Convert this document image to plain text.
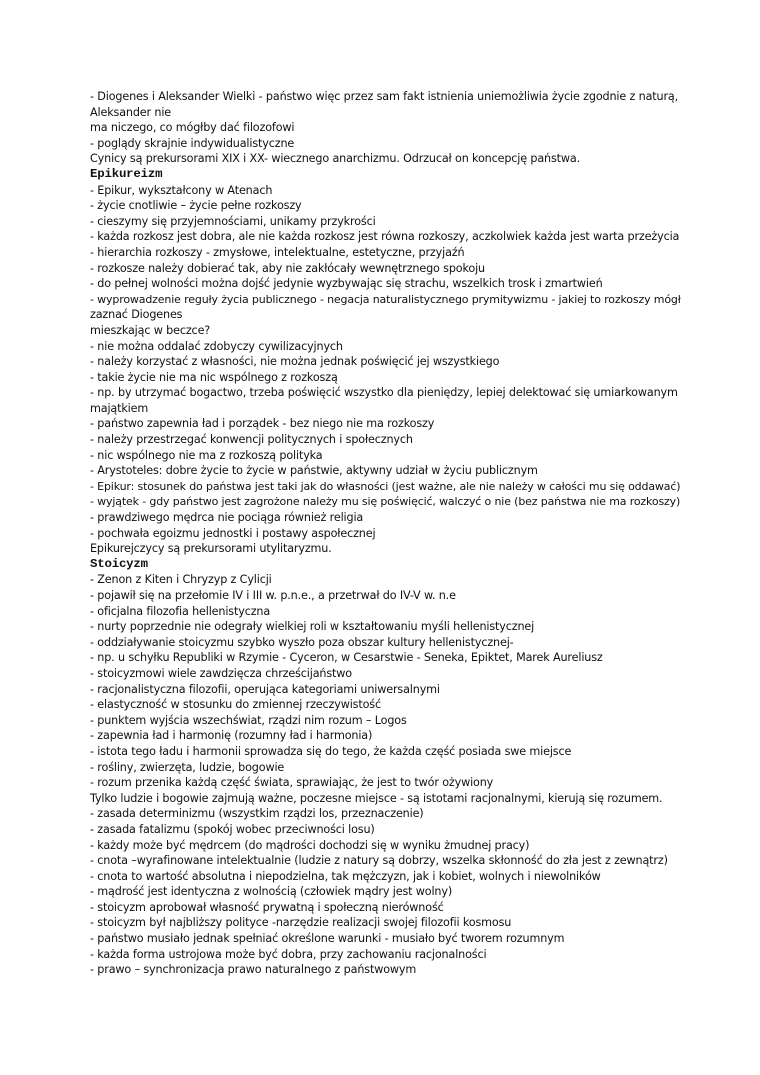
- Diogenes i Aleksander Wielki - państwo więc przez sam fakt istnienia uniemożliwia życie zgodnie z naturą,
Aleksander nie
ma niczego, co mógłby dać filozofowi
- poglądy skrajnie indywidualistyczne
Cynicy są prekursorami XIX i XX- wiecznego anarchizmu. Odrzucał on koncepcję państwa.
Epikureizm
- Epikur, wykształcony w Atenach
- życie cnotliwie – życie pełne rozkoszy
- cieszymy się przyjemnościami, unikamy przykrości
- każda rozkosz jest dobra, ale nie każda rozkosz jest równa rozkoszy, aczkolwiek każda jest warta przeżycia
- hierarchia rozkoszy - zmysłowe, intelektualne, estetyczne, przyjaźń
- rozkosze należy dobierać tak, aby nie zakłócały wewnętrznego spokoju
- do pełnej wolności można dojść jedynie wyzbywając się strachu, wszelkich trosk i zmartwień
- wyprowadzenie reguły życia publicznego - negacja naturalistycznego prymitywizmu - jakiej to rozkoszy mógł
zaznać Diogenes
mieszkając w beczce?
- nie można oddalać zdobyczy cywilizacyjnych
- należy korzystać z własności, nie można jednak poświęcić jej wszystkiego
- takie życie nie ma nic wspólnego z rozkoszą
- np. by utrzymać bogactwo, trzeba poświęcić wszystko dla pieniędzy, lepiej delektować się umiarkowanym
majątkiem
- państwo zapewnia ład i porządek - bez niego nie ma rozkoszy
- należy przestrzegać konwencji politycznych i społecznych
- nic wspólnego nie ma z rozkoszą polityka
- Arystoteles: dobre życie to życie w państwie, aktywny udział w życiu publicznym
- Epikur: stosunek do państwa jest taki jak do własności (jest ważne, ale nie należy w całości mu się oddawać)
- wyjątek - gdy państwo jest zagrożone należy mu się poświęcić, walczyć o nie (bez państwa nie ma rozkoszy)
- prawdziwego mędrca nie pociąga również religia
- pochwała egoizmu jednostki i postawy aspołecznej
Epikurejczycy są prekursorami utylitaryzmu.
Stoicyzm
- Zenon z Kiten i Chryzyp z Cylicji
- pojawił się na przełomie IV i III w. p.n.e., a przetrwał do IV-V w. n.e
- oficjalna filozofia hellenistyczna
- nurty poprzednie nie odegrały wielkiej roli w kształtowaniu myśli hellenistycznej
- oddziaływanie stoicyzmu szybko wyszło poza obszar kultury hellenistycznej-
- np. u schyłku Republiki w Rzymie - Cyceron, w Cesarstwie - Seneka, Epiktet, Marek Aureliusz
- stoicyzmowi wiele zawdzięcza chrześcijaństwo
- racjonalistyczna filozofii, operująca kategoriami uniwersalnymi
- elastyczność w stosunku do zmiennej rzeczywistość
- punktem wyjścia wszechświat, rządzi nim rozum – Logos
- zapewnia ład i harmonię (rozumny ład i harmonia)
- istota tego ładu i harmonii sprowadza się do tego, że każda część posiada swe miejsce
- rośliny, zwierzęta, ludzie, bogowie
- rozum przenika każdą część świata, sprawiając, że jest to twór ożywiony
Tylko ludzie i bogowie zajmują ważne, poczesne miejsce - są istotami racjonalnymi, kierują się rozumem.
- zasada determinizmu (wszystkim rządzi los, przeznaczenie)
- zasada fatalizmu (spokój wobec przeciwności losu)
- każdy może być mędrcem (do mądrości dochodzi się w wyniku żmudnej pracy)
- cnota –wyrafinowane intelektualnie (ludzie z natury są dobrzy, wszelka skłonność do zła jest z zewnątrz)
- cnota to wartość absolutna i niepodzielna, tak mężczyzn, jak i kobiet, wolnych i niewolników
- mądrość jest identyczna z wolnością (człowiek mądry jest wolny)
- stoicyzm aprobował własność prywatną i społeczną nierówność
- stoicyzm był najbliższy polityce -narzędzie realizacji swojej filozofii kosmosu
- państwo musiało jednak spełniać określone warunki - musiało być tworem rozumnym
- każda forma ustrojowa może być dobra, przy zachowaniu racjonalności
- prawo – synchronizacja prawo naturalnego z państwowym
